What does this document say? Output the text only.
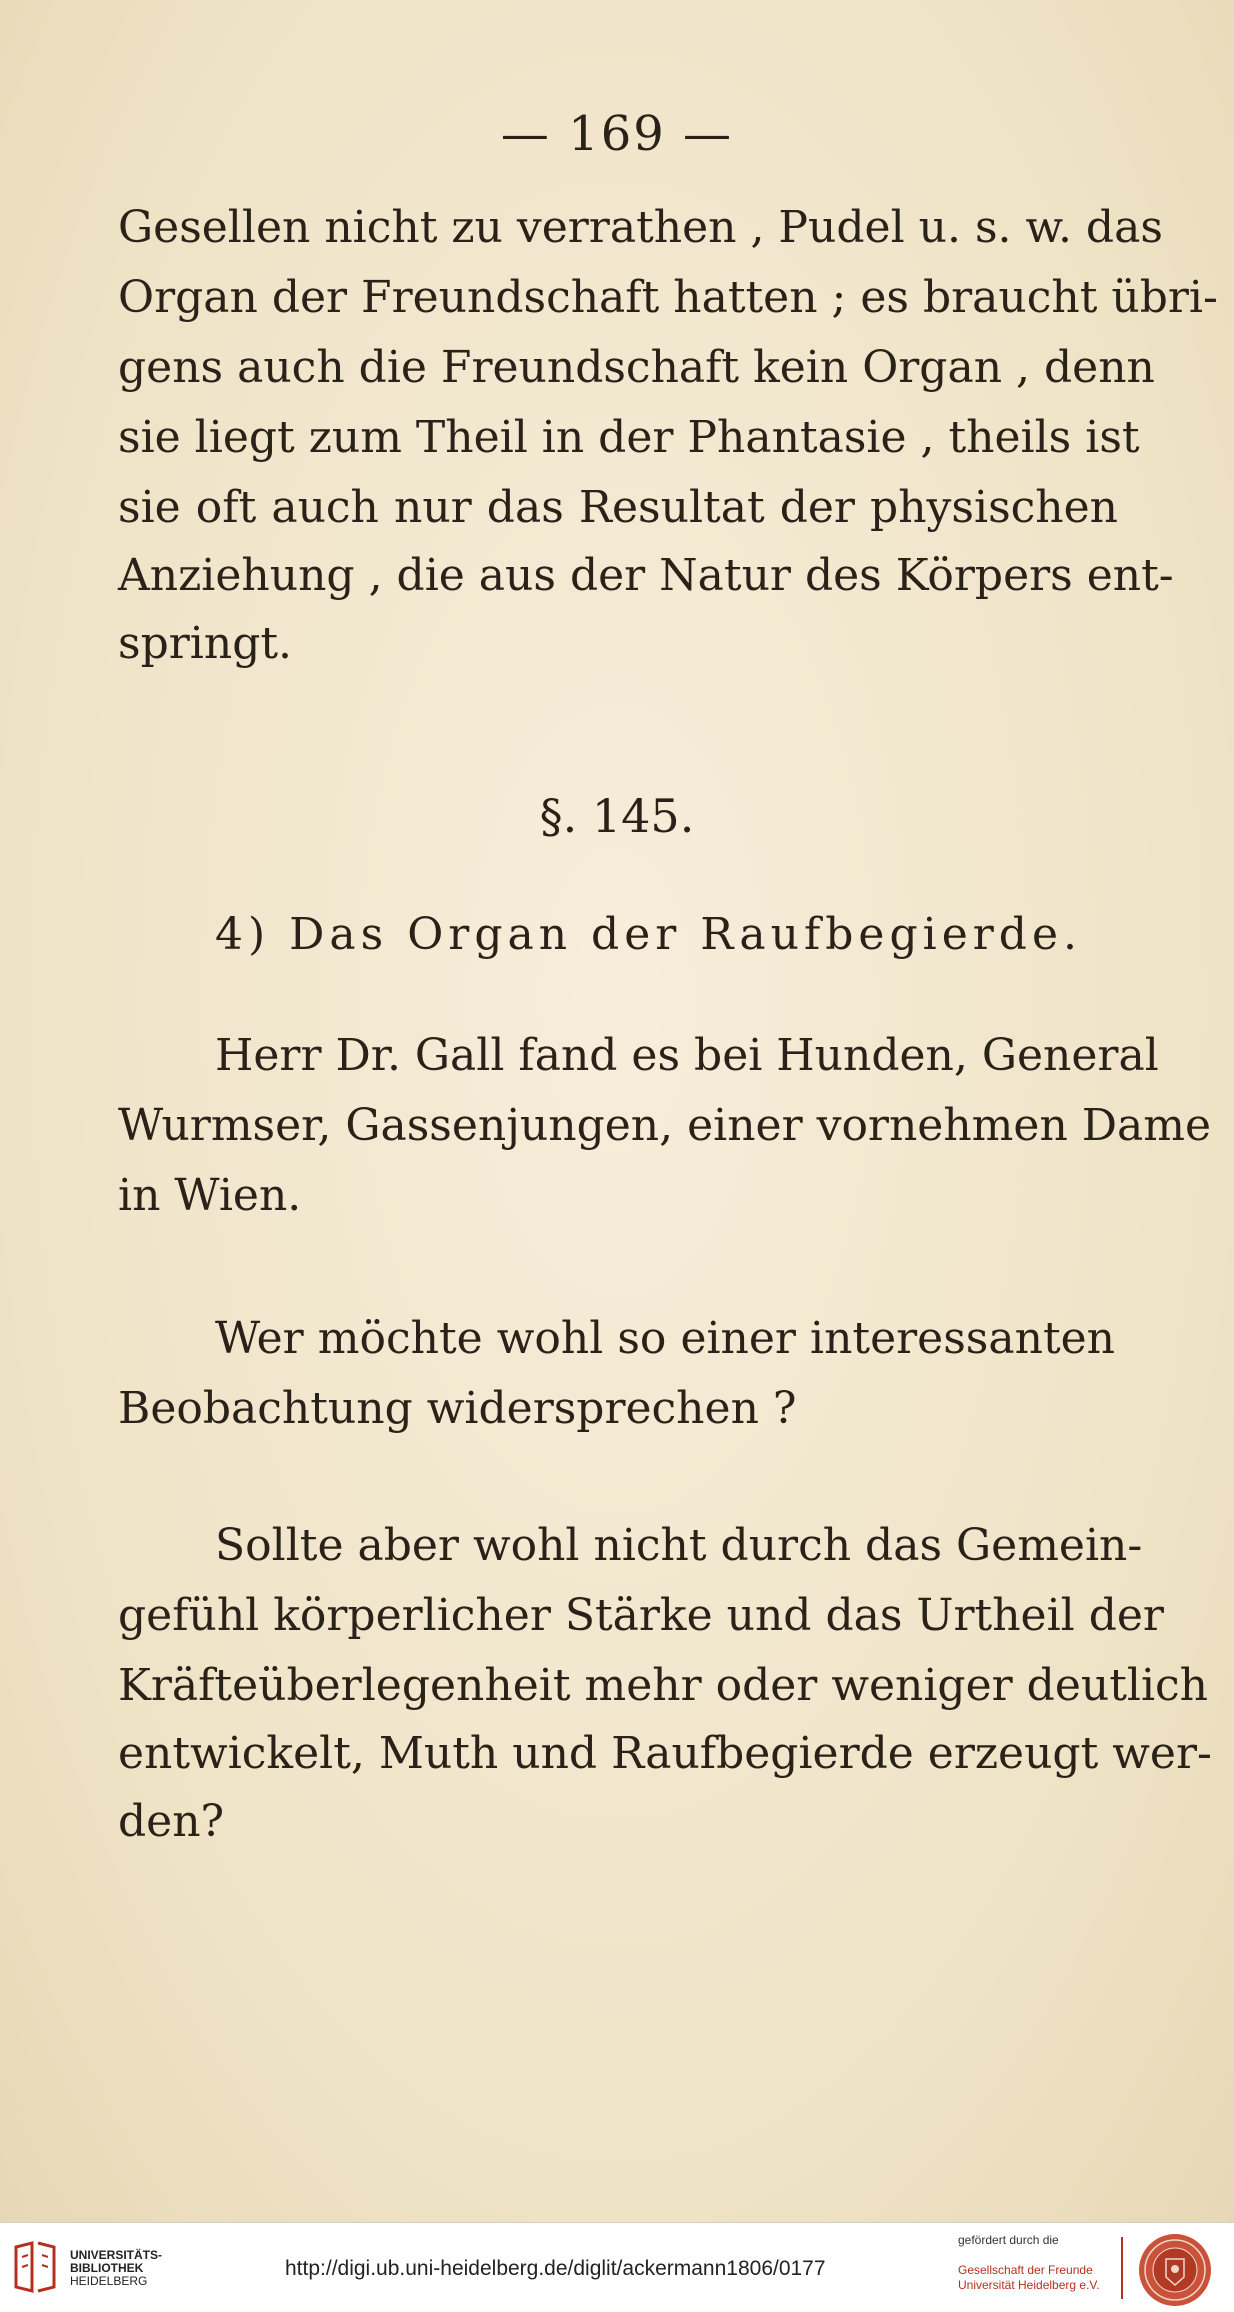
— 169 —
Gesellen nicht zu verrathen , Pudel u. s. w. das
Organ der Freundschaft hatten ; es braucht übri-
gens auch die Freundschaft kein Organ , denn
sie liegt zum Theil in der Phantasie , theils ist
sie oft auch nur das Resultat der physischen
Anziehung , die aus der Natur des Körpers ent-
springt.
§. 145.
4) Das Organ der Raufbegierde.
Herr Dr. Gall fand es bei Hunden, General
Wurmser, Gassenjungen, einer vornehmen Dame
in Wien.
Wer möchte wohl so einer interessanten
Beobachtung widersprechen ?
Sollte aber wohl nicht durch das Gemein-
gefühl körperlicher Stärke und das Urtheil der
Kräfteüberlegenheit mehr oder weniger deutlich
entwickelt, Muth und Raufbegierde erzeugt wer-
den?
UNIVERSITÄTS-
BIBLIOTHEK
HEIDELBERG
http://digi.ub.uni-heidelberg.de/diglit/ackermann1806/0177
gefördert durch die
Gesellschaft der Freunde
Universität Heidelberg e.V.
